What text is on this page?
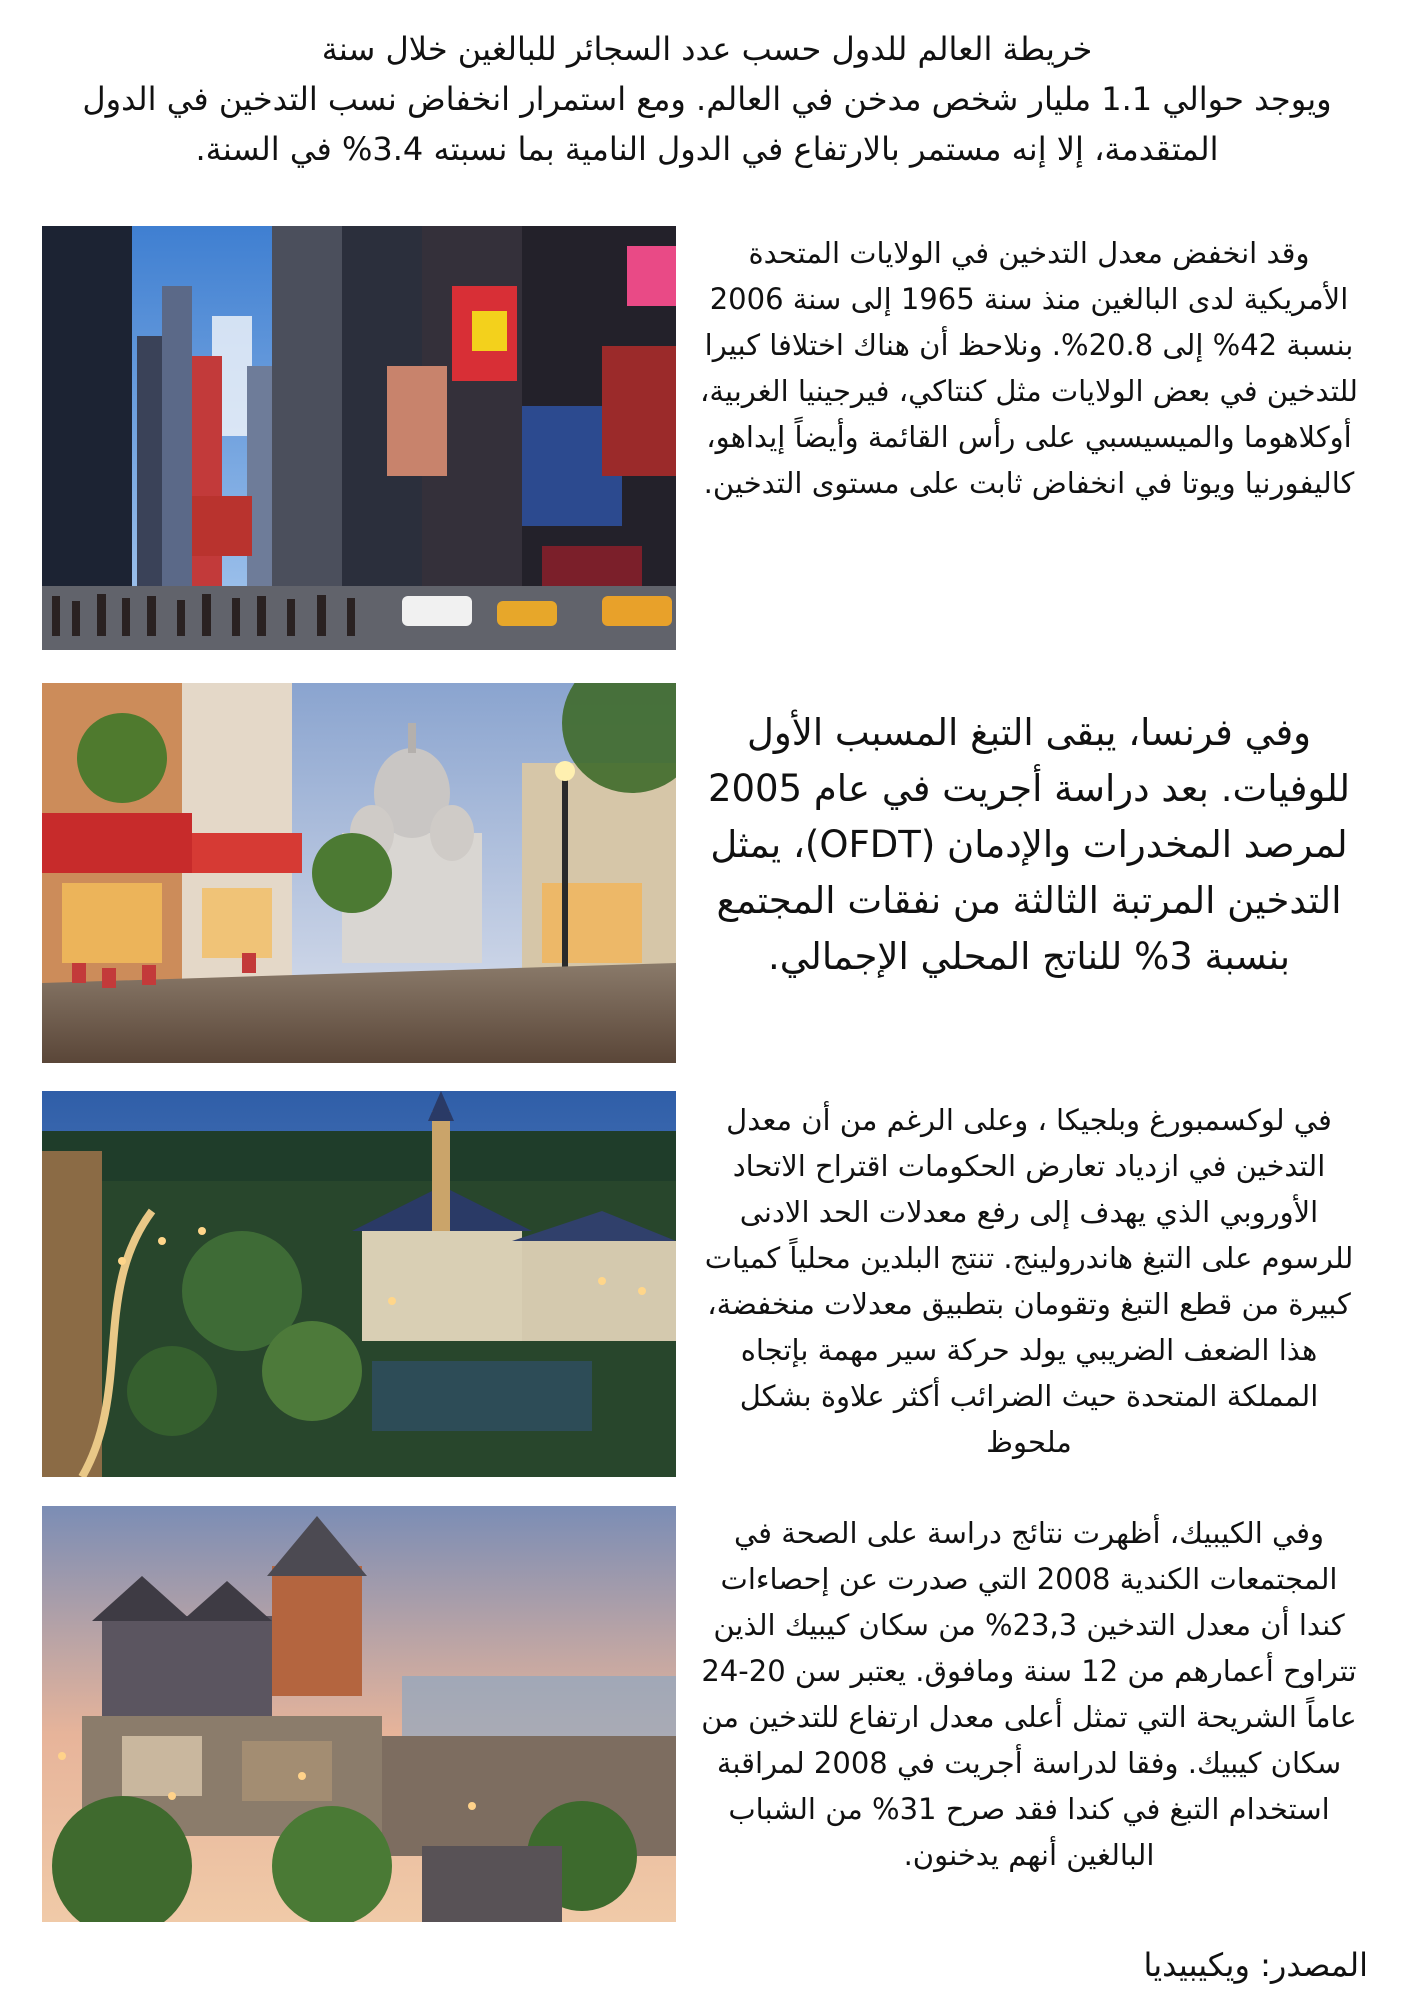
خريطة العالم للدول حسب عدد السجائر للبالغين خلال سنة
ويوجد حوالي 1.1 مليار شخص مدخن في العالم. ومع استمرار انخفاض نسب التدخين في الدول المتقدمة، إلا إنه مستمر بالارتفاع في الدول النامية بما نسبته 3.4% في السنة.
وقد انخفض معدل التدخين في الولايات المتحدة الأمريكية لدى البالغين منذ سنة 1965 إلى سنة 2006 بنسبة 42% إلى 20.8%. ونلاحظ أن هناك اختلافا كبيرا للتدخين في بعض الولايات مثل كنتاكي، فيرجينيا الغربية، أوكلاهوما والميسيسبي على رأس القائمة وأيضاً إيداهو، كاليفورنيا ويوتا في انخفاض ثابت على مستوى التدخين.
وفي فرنسا، يبقى التبغ المسبب الأول للوفيات. بعد دراسة أجريت في عام 2005 لمرصد المخدرات والإدمان (OFDT)، يمثل التدخين المرتبة الثالثة من نفقات المجتمع بنسبة 3% للناتج المحلي الإجمالي.
في لوكسمبورغ وبلجيكا ، وعلى الرغم من أن معدل التدخين في ازدياد تعارض الحكومات اقتراح الاتحاد الأوروبي الذي يهدف إلى رفع معدلات الحد الادنى للرسوم على التبغ هاندرولينج. تنتج البلدين محلياً كميات كبيرة من قطع التبغ وتقومان بتطبيق معدلات منخفضة، هذا الضعف الضريبي يولد حركة سير مهمة بإتجاه المملكة المتحدة حيث الضرائب أكثر علاوة بشكل ملحوظ
وفي الكيبيك، أظهرت نتائج دراسة على الصحة في المجتمعات الكندية 2008 التي صدرت عن إحصاءات كندا أن معدل التدخين 23,3% من سكان كيبيك الذين تتراوح أعمارهم من 12 سنة ومافوق. يعتبر سن 20-24 عاماً الشريحة التي تمثل أعلى معدل ارتفاع للتدخين من سكان كيبيك. وفقا لدراسة أجريت في 2008 لمراقبة استخدام التبغ في كندا فقد صرح 31% من الشباب البالغين أنهم يدخنون.
المصدر: ويكيبيديا
